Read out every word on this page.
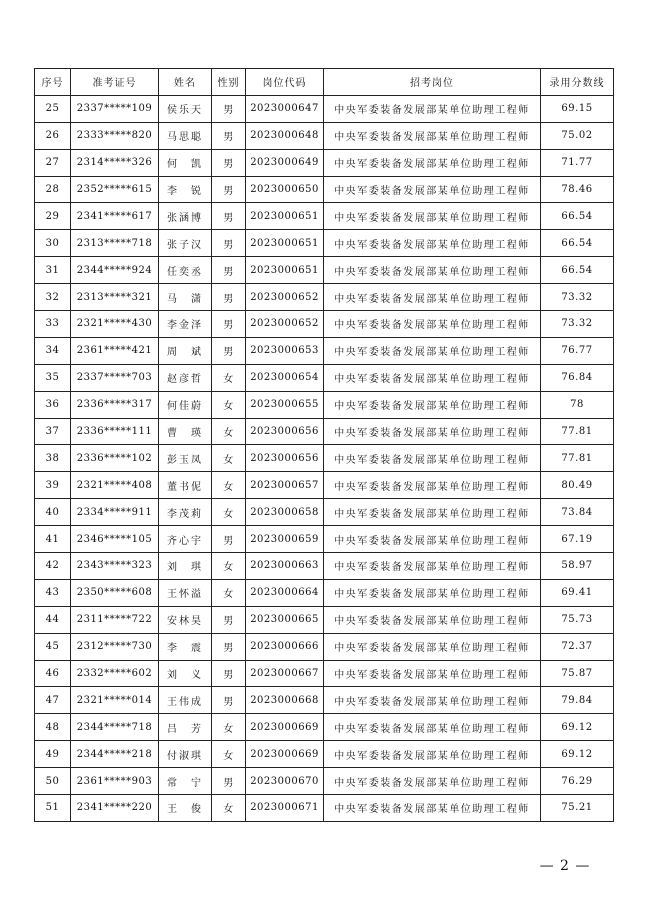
序号	准考证号	姓名	性别	岗位代码	招考岗位	录用分数线
25	2337*****109	侯乐天	男	2023000647	中央军委装备发展部某单位助理工程师	69.15
26	2333*****820	马思聪	男	2023000648	中央军委装备发展部某单位助理工程师	75.02
27	2314*****326	何　凯	男	2023000649	中央军委装备发展部某单位助理工程师	71.77
28	2352*****615	李　锐	男	2023000650	中央军委装备发展部某单位助理工程师	78.46
29	2341*****617	张涵博	男	2023000651	中央军委装备发展部某单位助理工程师	66.54
30	2313*****718	张子汉	男	2023000651	中央军委装备发展部某单位助理工程师	66.54
31	2344*****924	任奕丞	男	2023000651	中央军委装备发展部某单位助理工程师	66.54
32	2313*****321	马　潇	男	2023000652	中央军委装备发展部某单位助理工程师	73.32
33	2321*****430	李金泽	男	2023000652	中央军委装备发展部某单位助理工程师	73.32
34	2361*****421	周　斌	男	2023000653	中央军委装备发展部某单位助理工程师	76.77
35	2337*****703	赵彦哲	女	2023000654	中央军委装备发展部某单位助理工程师	76.84
36	2336*****317	何佳蔚	女	2023000655	中央军委装备发展部某单位助理工程师	78
37	2336*****111	曹　瑛	女	2023000656	中央军委装备发展部某单位助理工程师	77.81
38	2336*****102	彭玉凤	女	2023000656	中央军委装备发展部某单位助理工程师	77.81
39	2321*****408	董书伲	女	2023000657	中央军委装备发展部某单位助理工程师	80.49
40	2334*****911	李茂莉	女	2023000658	中央军委装备发展部某单位助理工程师	73.84
41	2346*****105	齐心宇	男	2023000659	中央军委装备发展部某单位助理工程师	67.19
42	2343*****323	刘　琪	女	2023000663	中央军委装备发展部某单位助理工程师	58.97
43	2350*****608	王怀溢	女	2023000664	中央军委装备发展部某单位助理工程师	69.41
44	2311*****722	安林昊	男	2023000665	中央军委装备发展部某单位助理工程师	75.73
45	2312*****730	李　震	男	2023000666	中央军委装备发展部某单位助理工程师	72.37
46	2332*****602	刘　义	男	2023000667	中央军委装备发展部某单位助理工程师	75.87
47	2321*****014	王伟成	男	2023000668	中央军委装备发展部某单位助理工程师	79.84
48	2344*****718	吕　芳	女	2023000669	中央军委装备发展部某单位助理工程师	69.12
49	2344*****218	付淑琪	女	2023000669	中央军委装备发展部某单位助理工程师	69.12
50	2361*****903	常　宁	男	2023000670	中央军委装备发展部某单位助理工程师	76.29
51	2341*****220	王　俊	女	2023000671	中央军委装备发展部某单位助理工程师	75.21
— 2 —
